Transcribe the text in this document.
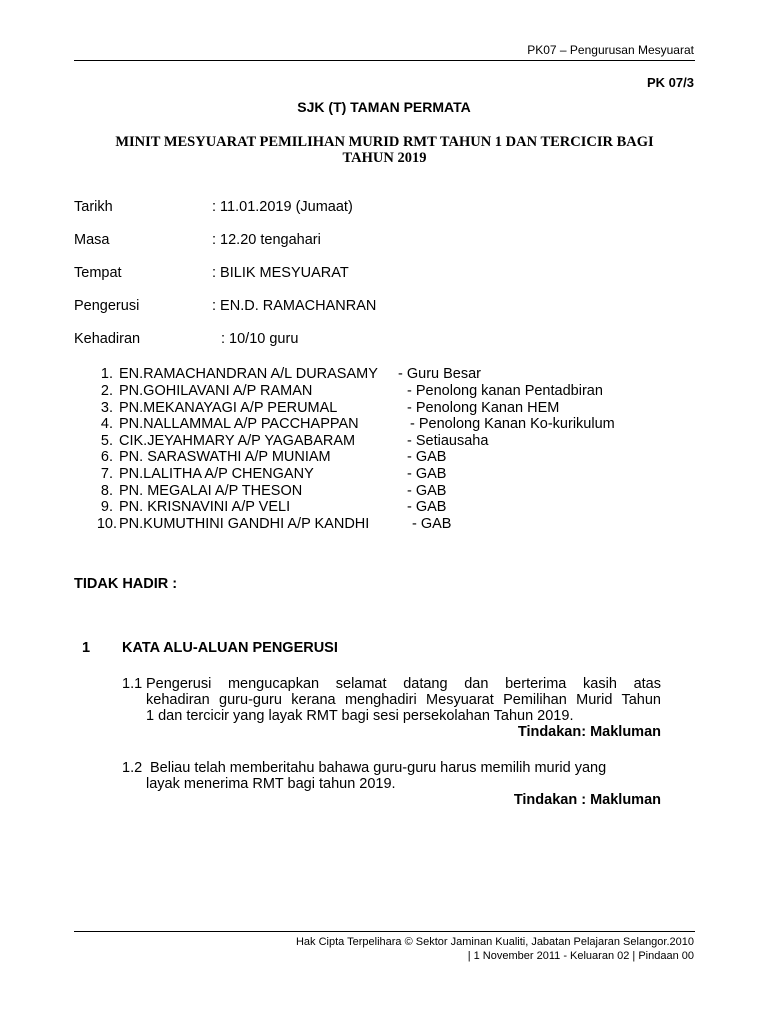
PK07 – Pengurusan Mesyuarat
PK 07/3
SJK (T) TAMAN PERMATA
MINIT MESYUARAT PEMILIHAN MURID RMT TAHUN 1 DAN TERCICIR BAGI
TAHUN 2019
Tarikh	: 11.01.2019 (Jumaat)
Masa	: 12.20 tengahari
Tempat	: BILIK MESYUARAT
Pengerusi	: EN.D. RAMACHANRAN
Kehadiran	: 10/10 guru
1. EN.RAMACHANDRAN A/L DURASAMY - Guru Besar
2. PN.GOHILAVANI A/P RAMAN	- Penolong kanan Pentadbiran
3. PN.MEKANAYAGI A/P PERUMAL	- Penolong Kanan HEM
4. PN.NALLAMMAL A/P PACCHAPPAN	- Penolong Kanan Ko-kurikulum
5. CIK.JEYAHMARY A/P YAGABARAM	- Setiausaha
6. PN. SARASWATHI A/P MUNIAM	- GAB
7. PN.LALITHA A/P CHENGANY	- GAB
8. PN. MEGALAI A/P THESON	- GAB
9. PN. KRISNAVINI A/P VELI	- GAB
10. PN.KUMUTHINI GANDHI A/P KANDHI	- GAB
TIDAK HADIR :
1 KATA ALU-ALUAN PENGERUSI
1.1 Pengerusi mengucapkan selamat datang dan berterima kasih atas
kehadiran guru-guru kerana menghadiri Mesyuarat Pemilihan Murid Tahun
1 dan tercicir yang layak RMT bagi sesi persekolahan Tahun 2019.
Tindakan: Makluman
1.2 Beliau telah memberitahu bahawa guru-guru harus memilih murid yang
layak menerima RMT bagi tahun 2019.
Tindakan : Makluman
Hak Cipta Terpelihara © Sektor Jaminan Kualiti, Jabatan Pelajaran Selangor.2010
| 1 November 2011 - Keluaran 02 | Pindaan 00
